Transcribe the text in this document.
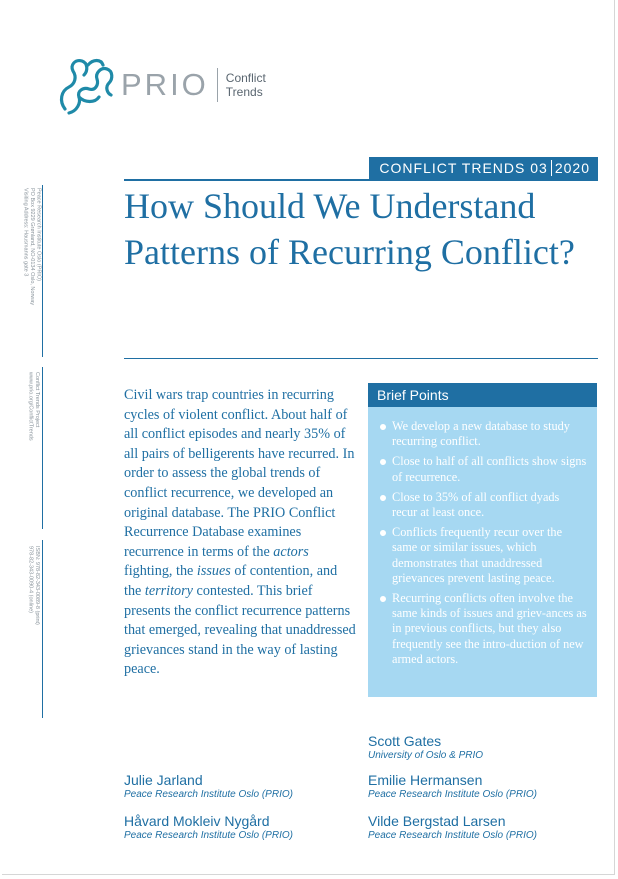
PRIO Conflict
Trends
Peace Research Institute Oslo (PRIO)
PO Box 9229 Grønland, NO-0134 Oslo, Norway
Visiting Address: Hausmanns gate 3
Conflict Trends Project
www.prio.org/ConflictTrends
ISBN: 978-82-343-0089-8 (print)
978-82-343-0090-4 (online)
CONFLICT TRENDS
03 2020
How Should We Understand
Patterns of Recurring Conflict?

Civil wars trap countries in recurring cycles of violent conflict. About half of all conflict episodes and nearly 35% of all pairs of belligerents have recurred. In order to assess the global trends of conflict recurrence, we developed an original database. The PRIO Conflict Recurrence Database examines recurrence in terms of the actors fighting, the issues of contention, and the territory contested. This brief presents the conflict recurrence patterns that emerged, revealing that unaddressed grievances stand in the way of lasting peace.

Brief Points
We develop a new database to study recurring conflict.
Close to half of all conflicts show signs of recurrence.
Close to 35% of all conflict dyads recur at least once.
Conflicts frequently recur over the same or similar issues, which demonstrates that unaddressed grievances prevent lasting peace.
Recurring conflicts often involve the same kinds of issues and griev-ances as in previous conflicts, but they also frequently see the intro-duction of new armed actors.
Scott Gates
University of Oslo & PRIO
Julie Jarland
Peace Research Institute Oslo (PRIO)
Emilie Hermansen
Peace Research Institute Oslo (PRIO)
Håvard Mokleiv Nygård
Peace Research Institute Oslo (PRIO)
Vilde Bergstad Larsen
Peace Research Institute Oslo (PRIO)
